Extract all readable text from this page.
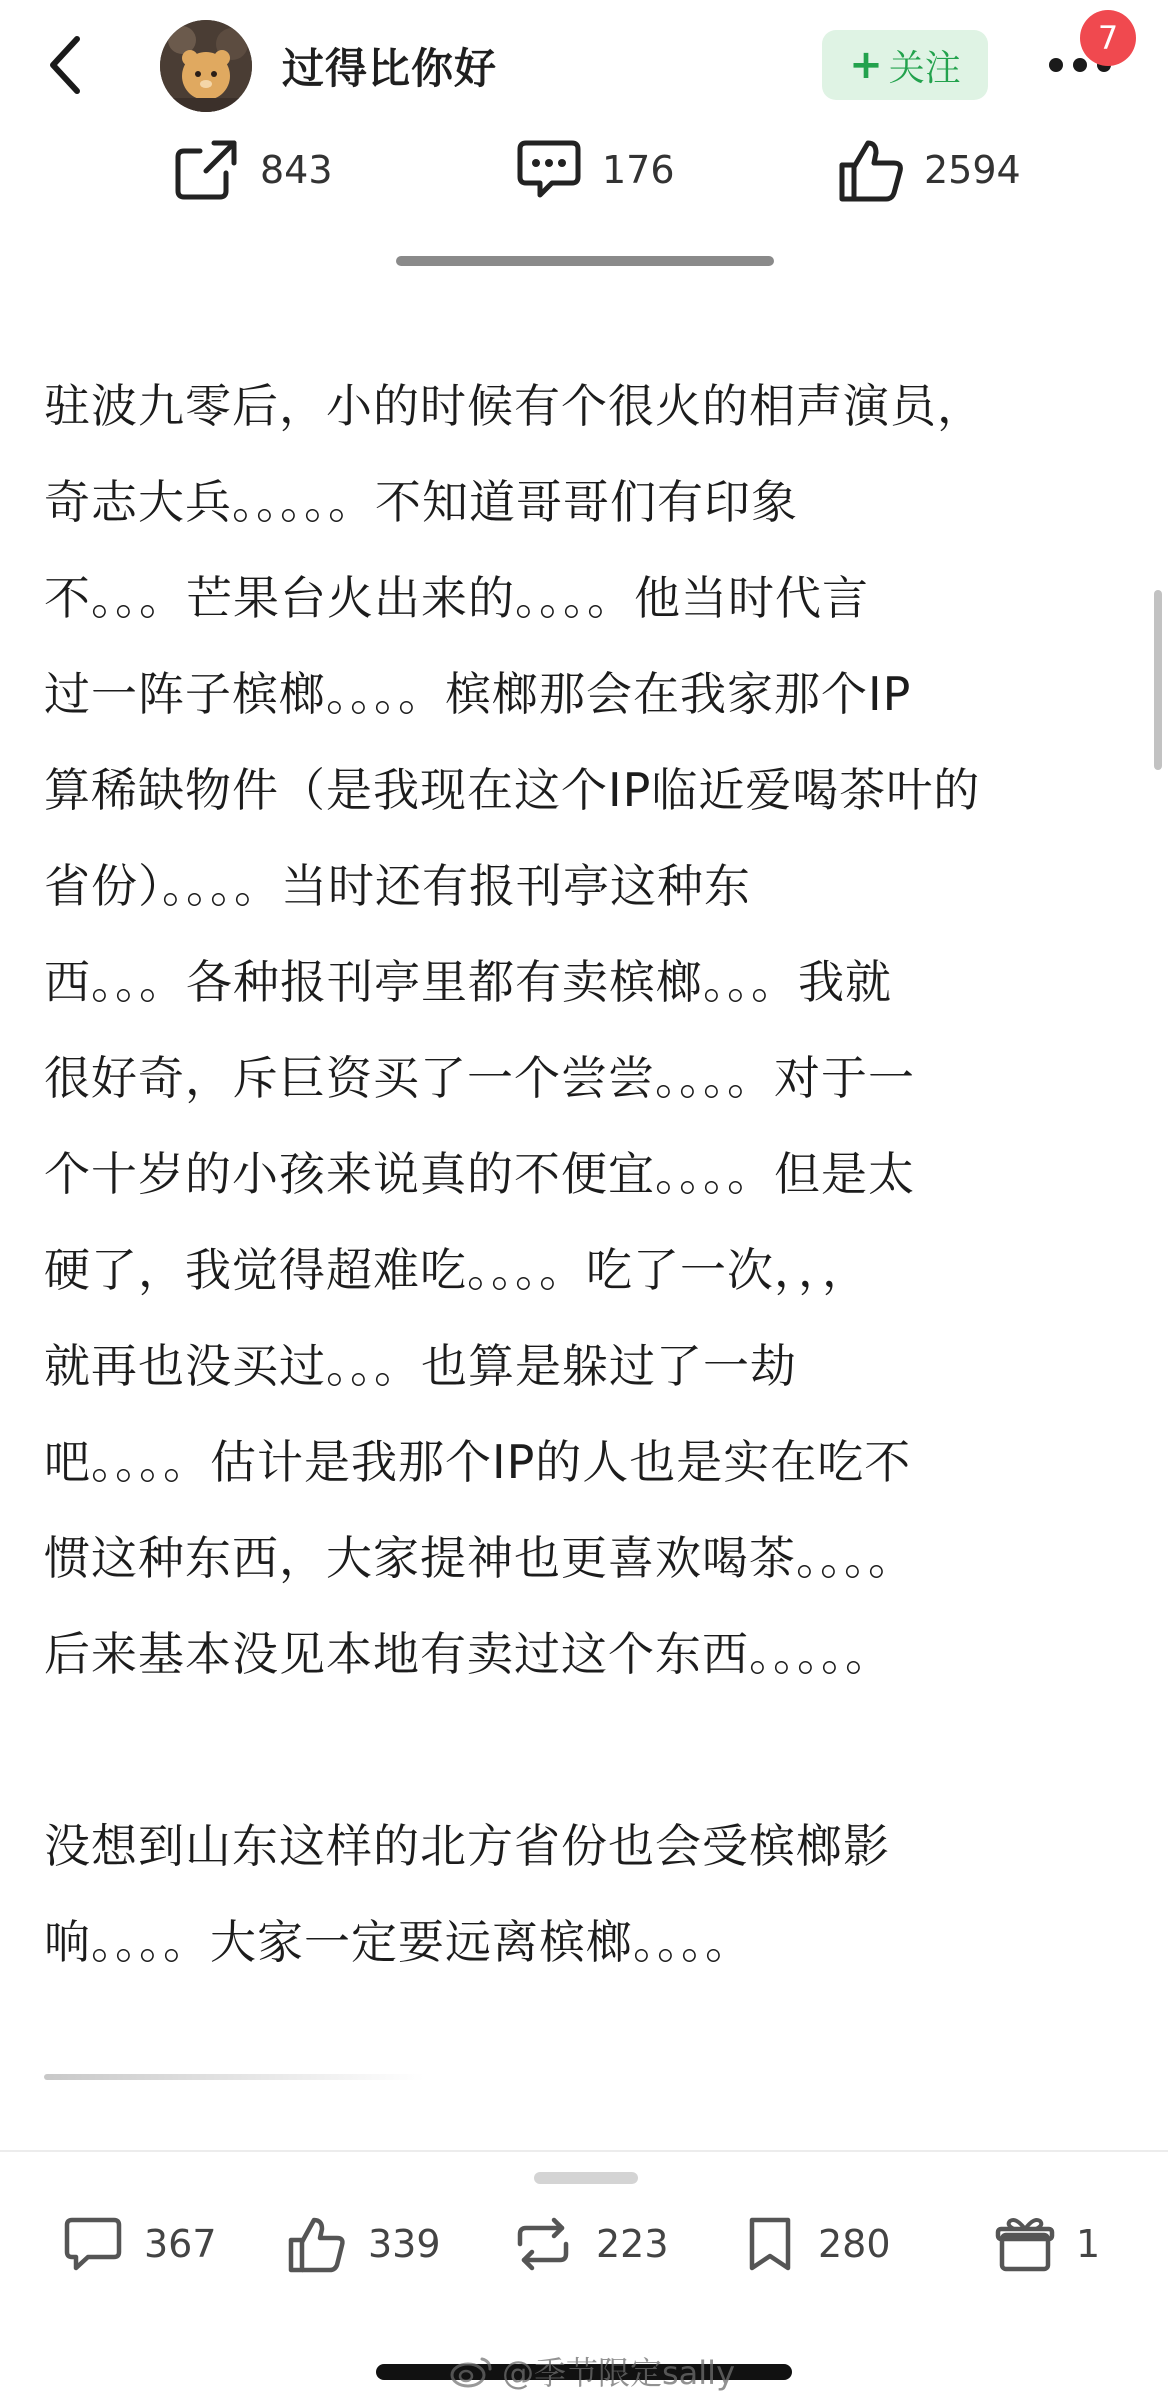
过得比你好	+ 关注
7
843	176	2594
驻波九零后，小的时候有个很火的相声演员，
奇志大兵。。。。。不知道哥哥们有印象
不。。。芒果台火出来的。。。。他当时代言
过一阵子槟榔。。。。槟榔那会在我家那个IP
算稀缺物件（是我现在这个IP临近爱喝茶叶的
省份）。。。。当时还有报刊亭这种东
西。。。各种报刊亭里都有卖槟榔。。。我就
很好奇，斥巨资买了一个尝尝。。。。对于一
个十岁的小孩来说真的不便宜。。。。但是太
硬了，我觉得超难吃。。。。吃了一次，，，
就再也没买过。。。也算是躲过了一劫
吧。。。。估计是我那个IP的人也是实在吃不
惯这种东西，大家提神也更喜欢喝茶。。。。
后来基本没见本地有卖过这个东西。。。。。
没想到山东这样的北方省份也会受槟榔影
响。。。。大家一定要远离槟榔。。。。
367	339	223	280	1
@季节限定sally
